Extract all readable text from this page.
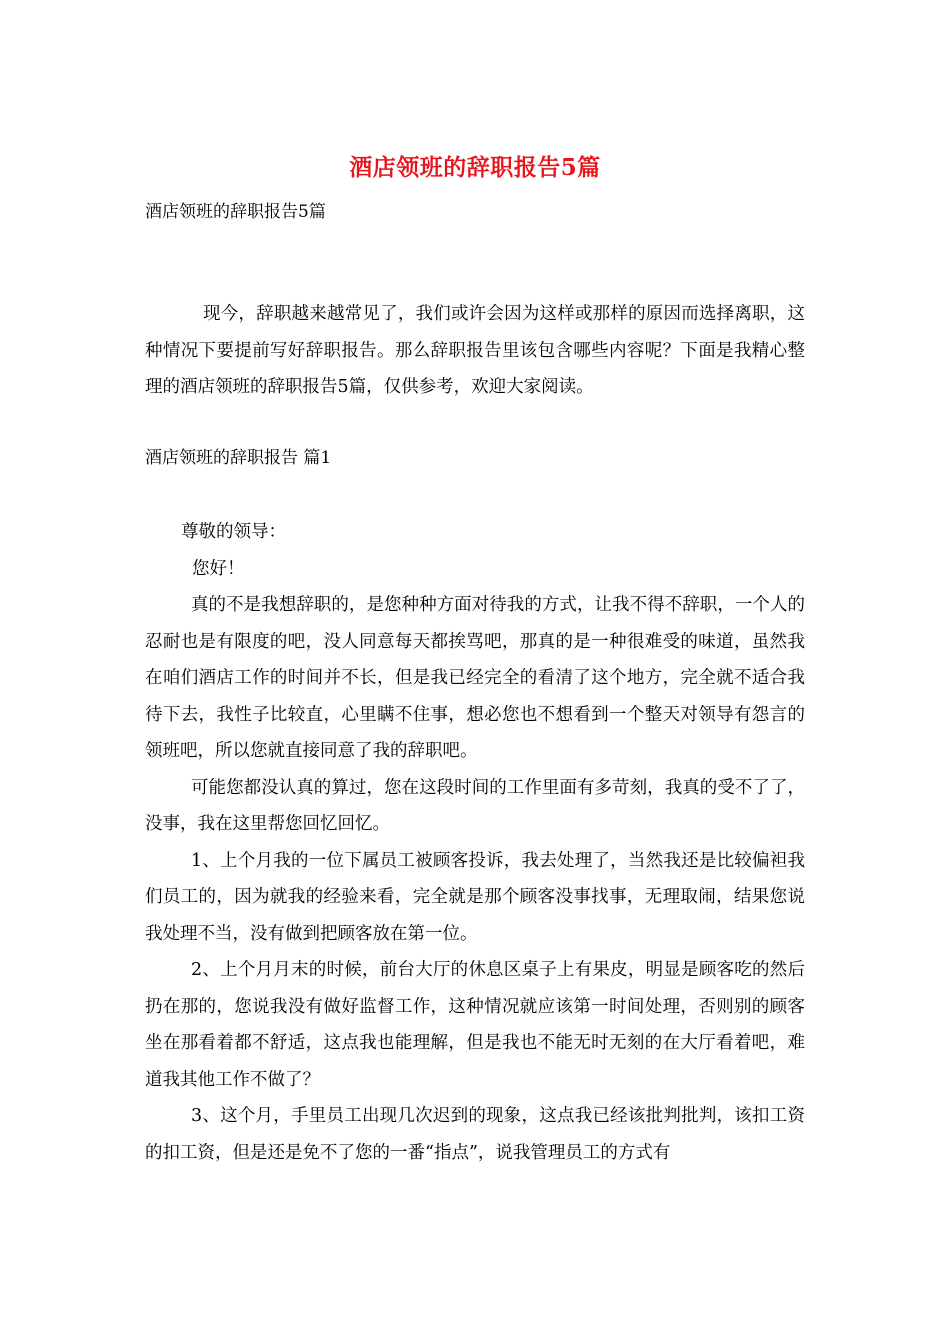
酒店领班的辞职报告5篇
酒店领班的辞职报告5篇

现今，辞职越来越常见了，我们或许会因为这样或那样的原因而选择离职，这种情况下要提前写好辞职报告。那么辞职报告里该包含哪些内容呢？下面是我精心整理的酒店领班的辞职报告5篇，仅供参考，欢迎大家阅读。

酒店领班的辞职报告 篇1

尊敬的领导：

您好！

真的不是我想辞职的，是您种种方面对待我的方式，让我不得不辞职，一个人的忍耐也是有限度的吧，没人同意每天都挨骂吧，那真的是一种很难受的味道，虽然我在咱们酒店工作的时间并不长，但是我已经完全的看清了这个地方，完全就不适合我待下去，我性子比较直，心里瞒不住事，想必您也不想看到一个整天对领导有怨言的领班吧，所以您就直接同意了我的辞职吧。

可能您都没认真的算过，您在这段时间的工作里面有多苛刻，我真的受不了了，没事，我在这里帮您回忆回忆。

1、上个月我的一位下属员工被顾客投诉，我去处理了，当然我还是比较偏袒我们员工的，因为就我的经验来看，完全就是那个顾客没事找事，无理取闹，结果您说我处理不当，没有做到把顾客放在第一位。

2、上个月月末的时候，前台大厅的休息区桌子上有果皮，明显是顾客吃的然后扔在那的，您说我没有做好监督工作，这种情况就应该第一时间处理，否则别的顾客坐在那看着都不舒适，这点我也能理解，但是我也不能无时无刻的在大厅看着吧，难道我其他工作不做了？

3、这个月，手里员工出现几次迟到的现象，这点我已经该批判批判，该扣工资的扣工资，但是还是免不了您的一番“指点”，说我管理员工的方式有
